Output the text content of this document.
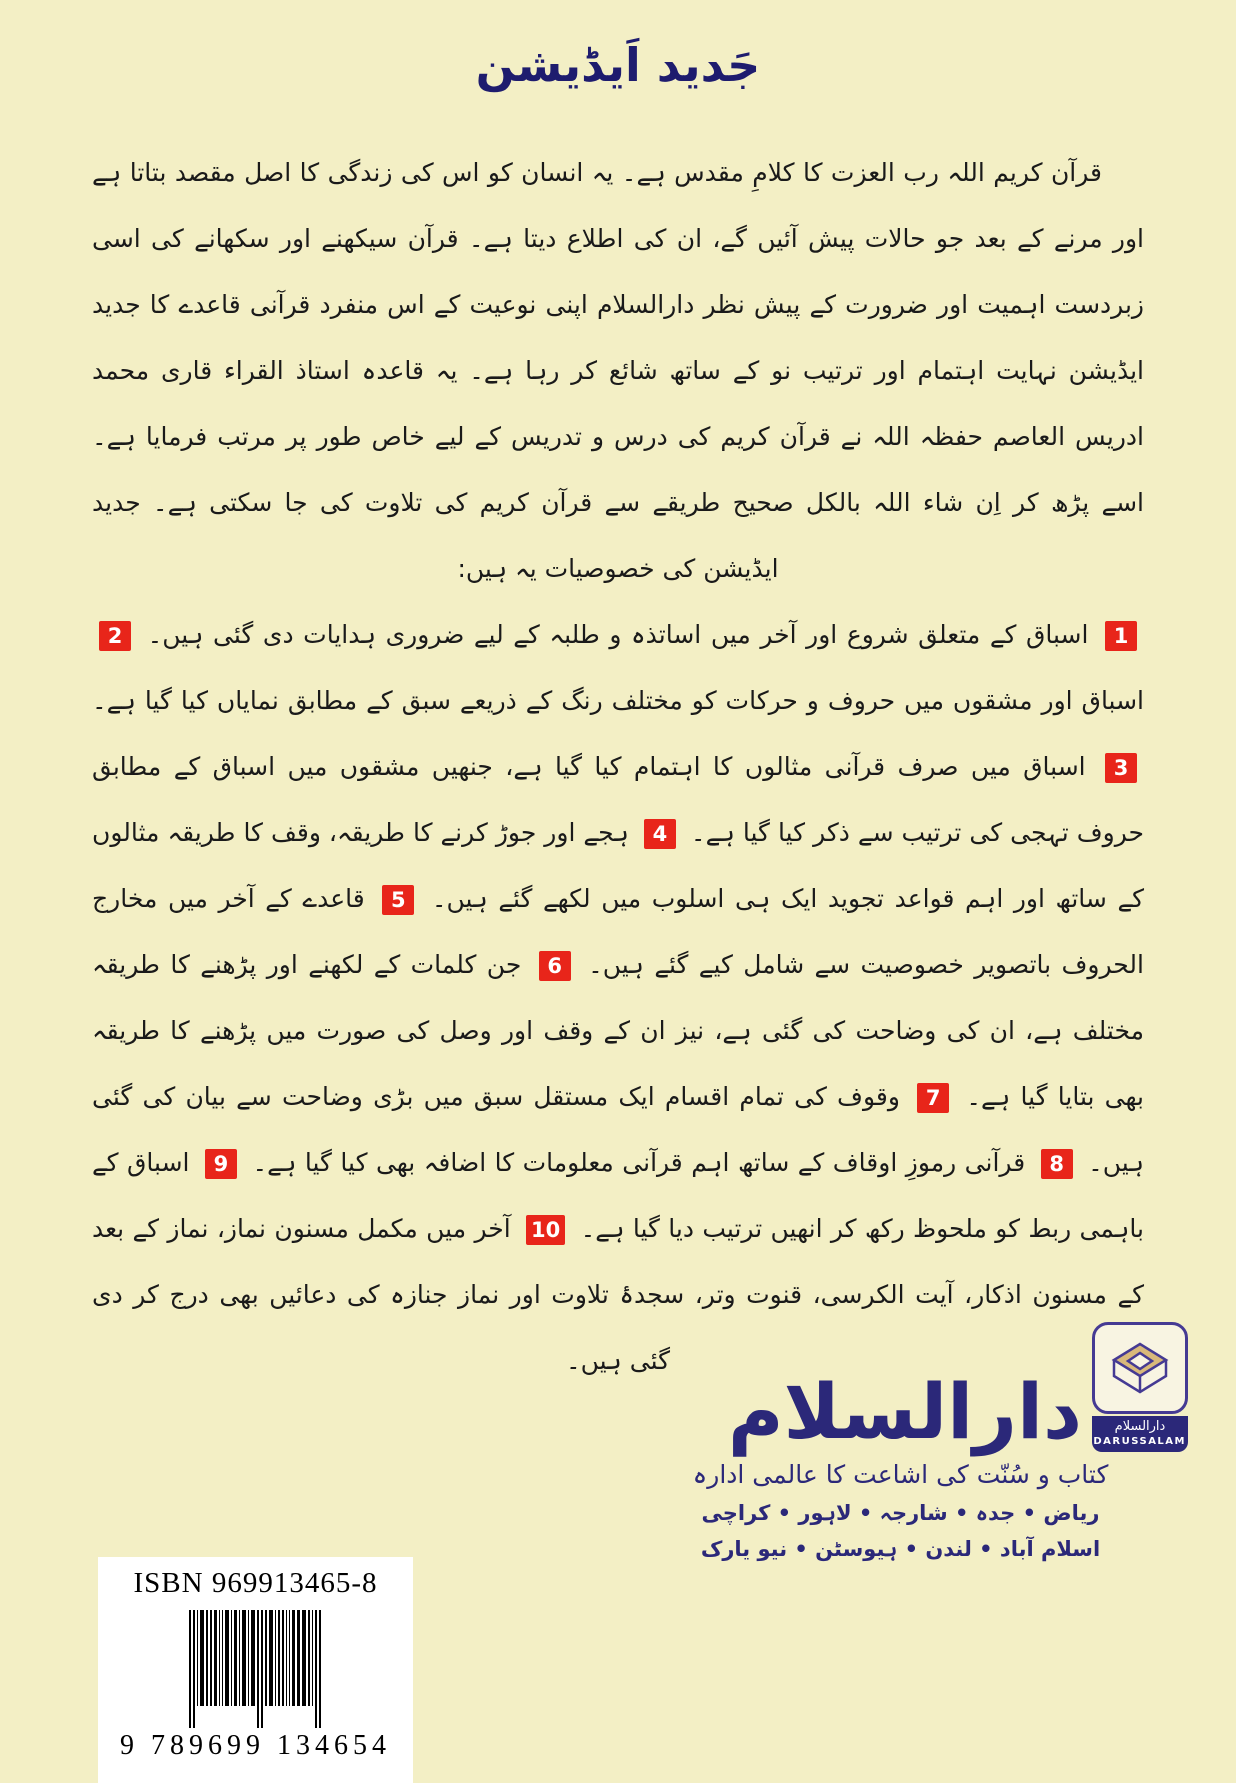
جَدید اَیڈیشن

قرآن کریم اللہ رب العزت کا کلامِ مقدس ہے۔ یہ انسان کو اس کی زندگی کا اصل مقصد بتاتا ہے اور مرنے کے بعد جو حالات پیش آئیں گے، ان کی اطلاع دیتا ہے۔ قرآن سیکھنے اور سکھانے کی اسی زبردست اہمیت اور ضرورت کے پیش نظر دارالسلام اپنی نوعیت کے اس منفرد قرآنی قاعدے کا جدید ایڈیشن نہایت اہتمام اور ترتیب نو کے ساتھ شائع کر رہا ہے۔ یہ قاعدہ استاذ القراء قاری محمد ادریس العاصم حفظہ اللہ نے قرآن کریم کی درس و تدریس کے لیے خاص طور پر مرتب فرمایا ہے۔ اسے پڑھ کر اِن شاء اللہ بالکل صحیح طریقے سے قرآن کریم کی تلاوت کی جا سکتی ہے۔ جدید ایڈیشن کی خصوصیات یہ ہیں:

1 اسباق کے متعلق شروع اور آخر میں اساتذہ و طلبہ کے لیے ضروری ہدایات دی گئی ہیں۔ 2 اسباق اور مشقوں میں حروف و حرکات کو مختلف رنگ کے ذریعے سبق کے مطابق نمایاں کیا گیا ہے۔ 3 اسباق میں صرف قرآنی مثالوں کا اہتمام کیا گیا ہے، جنھیں مشقوں میں اسباق کے مطابق حروف تہجی کی ترتیب سے ذکر کیا گیا ہے۔ 4 ہجے اور جوڑ کرنے کا طریقہ، وقف کا طریقہ مثالوں کے ساتھ اور اہم قواعد تجوید ایک ہی اسلوب میں لکھے گئے ہیں۔ 5 قاعدے کے آخر میں مخارج الحروف باتصویر خصوصیت سے شامل کیے گئے ہیں۔ 6 جن کلمات کے لکھنے اور پڑھنے کا طریقہ مختلف ہے، ان کی وضاحت کی گئی ہے، نیز ان کے وقف اور وصل کی صورت میں پڑھنے کا طریقہ بھی بتایا گیا ہے۔ 7 وقوف کی تمام اقسام ایک مستقل سبق میں بڑی وضاحت سے بیان کی گئی ہیں۔ 8 قرآنی رموزِ اوقاف کے ساتھ اہم قرآنی معلومات کا اضافہ بھی کیا گیا ہے۔ 9 اسباق کے باہمی ربط کو ملحوظ رکھ کر انھیں ترتیب دیا گیا ہے۔ 10 آخر میں مکمل مسنون نماز، نماز کے بعد کے مسنون اذکار، آیت الکرسی، قنوت وتر، سجدۂ تلاوت اور نماز جنازہ کی دعائیں بھی درج کر دی گئی ہیں۔

ISBN 969913465-8
9 789699 134654
دارالسلام
DARUSSALAM
دارالسلام
کتاب و سُنّت کی اشاعت کا عالمی ادارہ
ریاض • جدہ • شارجہ • لاہور • کراچی
اسلام آباد • لندن • ہیوسٹن • نیو یارک
